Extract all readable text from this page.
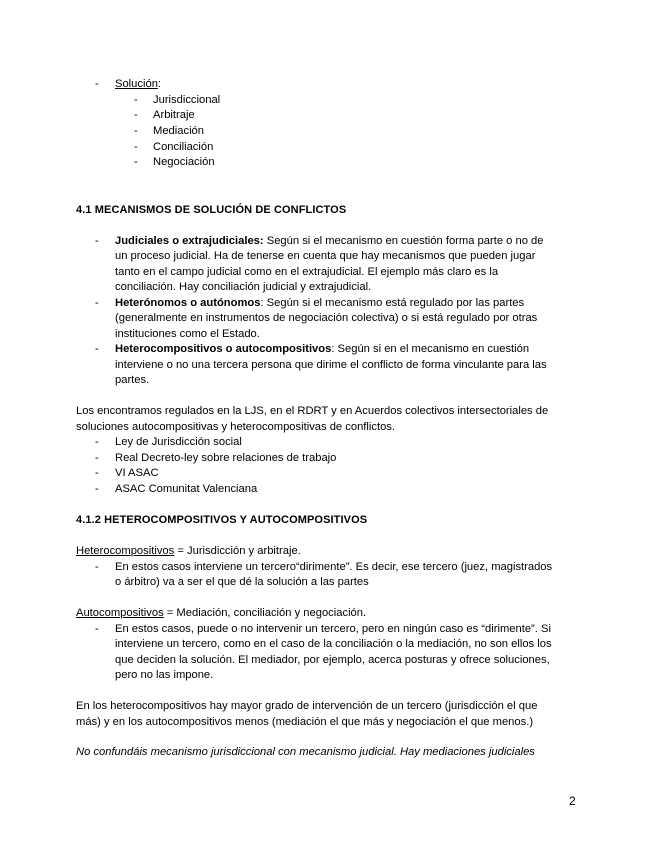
- Solución:
- Jurisdiccional
- Arbitraje
- Mediación
- Conciliación
- Negociación
4.1 MECANISMOS DE SOLUCIÓN DE CONFLICTOS
- Judiciales o extrajudiciales: Según si el mecanismo en cuestión forma parte o no de
un proceso judicial. Ha de tenerse en cuenta que hay mecanismos que pueden jugar
tanto en el campo judicial como en el extrajudicial. El ejemplo más claro es la
conciliación. Hay conciliación judicial y extrajudicial.
- Heterónomos o autónomos: Según si el mecanismo está regulado por las partes
(generalmente en instrumentos de negociación colectiva) o si está regulado por otras
instituciones como el Estado.
- Heterocompositivos o autocompositivos: Según si en el mecanismo en cuestión
interviene o no una tercera persona que dirime el conflicto de forma vinculante para las
partes.
Los encontramos regulados en la LJS, en el RDRT y en Acuerdos colectivos intersectoriales de
soluciones autocompositivas y heterocompositivas de conflictos.
- Ley de Jurisdicción social
- Real Decreto-ley sobre relaciones de trabajo
- VI ASAC
- ASAC Comunitat Valenciana
4.1.2 HETEROCOMPOSITIVOS Y AUTOCOMPOSITIVOS
Heterocompositivos = Jurisdicción y arbitraje.
- En estos casos interviene un tercero“dirimente”. Es decir, ese tercero (juez, magistrados
o árbitro) va a ser el que dé la solución a las partes
Autocompositivos = Mediación, conciliación y negociación.
- En estos casos, puede o no intervenir un tercero, pero en ningún caso es “dirimente”. Si
interviene un tercero, como en el caso de la conciliación o la mediación, no son ellos los
que deciden la solución. El mediador, por ejemplo, acerca posturas y ofrece soluciones,
pero no las impone.
En los heterocompositivos hay mayor grado de intervención de un tercero (jurisdicción el que
más) y en los autocompositivos menos (mediación el que más y negociación el que menos.)
No confundáis mecanismo jurisdiccional con mecanismo judicial. Hay mediaciones judiciales
2
